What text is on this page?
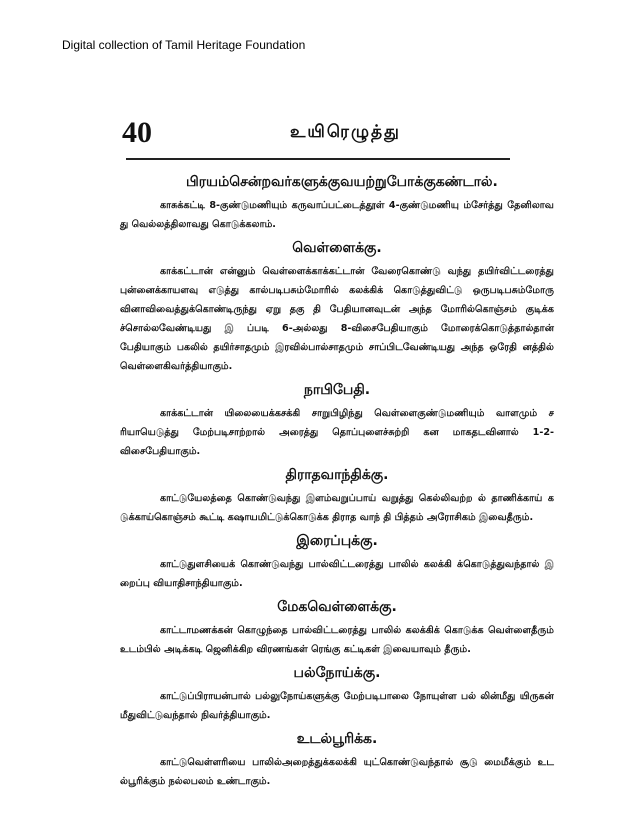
Digital collection of Tamil Heritage Foundation
40	உயிரெழுத்து
பிரயம்சென்றவர்களுக்குவயற்றுபோக்குகண்டால்.

காசுக்கட்டி 8-குண்டுமணியும் கருவாப்பட்டைத்தூள் 4-குண்டுமணியு ம்சேர்த்து தேனிலாவது வெல்லத்திலாவது கொடுக்கலாம்.

வெள்ளைக்கு.

காக்கட்டான் என்னும் வெள்ளைக்காக்கட்டான் வேரைகொண்டு வந்து தயிர்விட்டரைத்து புன்னைக்காயளவு எடுத்து கால்படிபசும்மோரில் கலக்கிக் கொடுத்துவிட்டு ஒருபடிபசும்மோரு வினாவிவைத்துக்கொண்டிருந்து ஏறு தகு தி பேதியானவுடன் அந்த மோரில்கொஞ்சம் குடிக்கச்சொல்லவேண்டியது இ ப்படி 6-அல்லது 8-விசைபேதியாகும் மோரைக்கொடுத்தால்தான் பேதியாகும் பகலில் தயிர்சாதமும் இரவில்பால்சாதமும் சாப்பிடவேண்டியது அந்த ஒரேதி னத்தில் வெள்ளைகிவர்த்தியாகும்.

நாபிபேதி.

காக்கட்டான் யிலையைக்கசக்கி சாறுபிழிந்து வெள்ளைகுண்டுமணியும் வாளமும் சரியாயெடுத்து மேற்படிசாற்றால் அரைத்து தொப்புளைச்சுற்றி கன மாகதடவினால் 1-2-விசைபேதியாகும்.

திராதவாந்திக்கு.

காட்டுயேலத்தை கொண்டுவந்து இளம்வறுப்பாய் வறுத்து கெல்லிவற்ற ல் தாணிக்காய் கடுக்காய்கொஞ்சம் கூட்டி கஷாயமிட்டுக்கொடுக்க திராத வாந் தி பித்தம் அரோசிகம் இவைதீரும்.

இரைப்புக்கு.

காட்டுதுளசியைக் கொண்டுவந்து பால்விட்டரைத்து பாலில் கலக்கி க்கொடுத்துவந்தால் இறைப்பு வியாதிசாந்தியாகும்.

மேகவெள்ளைக்கு.

காட்டாமணக்கன் கொழுந்தை பால்விட்டரைத்து பாலில் கலக்கிக் கொடுக்க வெள்ளைதீரும் உடம்பில் அடிக்கடி ஜெனிக்கிற விரணங்கள் ரெங்கு கட்டிகள் இவையாவும் தீரும்.

பல்நோய்க்கு.

காட்டுப்பிராயன்பால் பல்லுநோய்களுக்கு மேற்படிபாலை நோயுள்ள பல் லின்மீது யிருகன் மீதுவிட்டுவந்தால் நிவர்த்தியாகும்.

உடல்பூரிக்க.

காட்டுவெள்ளரியை பாலில்அறைத்துக்கலக்கி யுட்கொண்டுவந்தால் சூடு மைமீக்கும் உடல்பூரிக்கும் நல்லபலம் உண்டாகும்.
